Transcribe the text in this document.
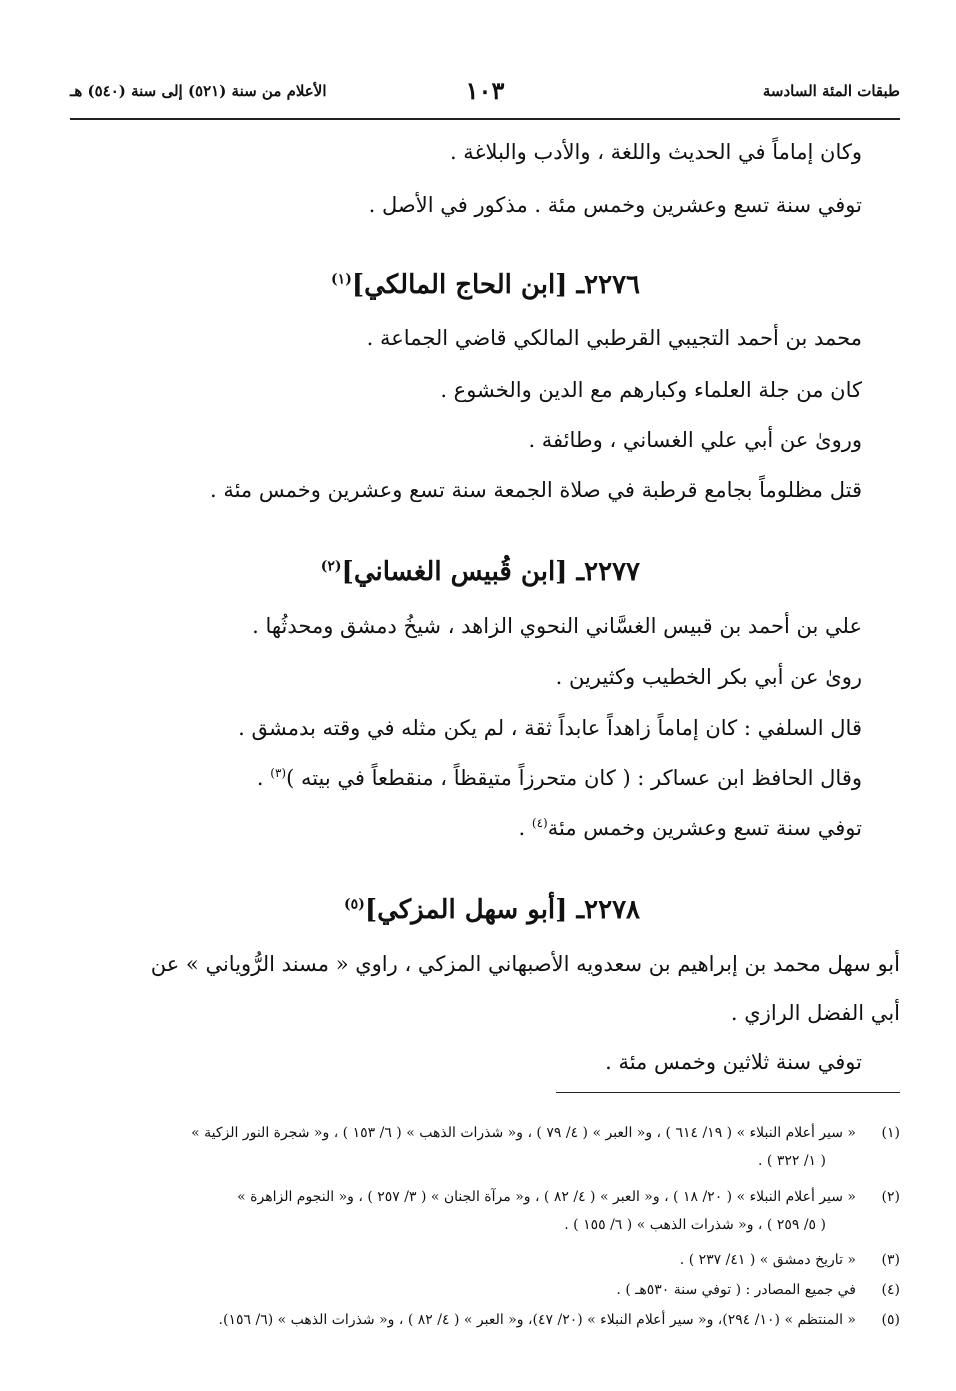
طبقات المئة السادسة
١٠٣
الأعلام من سنة (٥٢١) إلى سنة (٥٤٠) هـ
وكان إماماً في الحديث واللغة ، والأدب والبلاغة .
توفي سنة تسع وعشرين وخمس مئة . مذكور في الأصل .
٢٢٧٦ـ [ابن الحاج المالكي]$^{(١)}$
محمد بن أحمد التجيبي القرطبي المالكي قاضي الجماعة .
كان من جلة العلماء وكبارهم مع الدين والخشوع .
وروىٰ عن أبي علي الغساني ، وطائفة .
قتل مظلوماً بجامع قرطبة في صلاة الجمعة سنة تسع وعشرين وخمس مئة .
٢٢٧٧ـ [ابن قُبيس الغساني]$^{(٢)}$
علي بن أحمد بن قبيس الغسَّاني النحوي الزاهد ، شيخُ دمشق ومحدثُها .
روىٰ عن أبي بكر الخطيب وكثيرين .
قال السلفي : كان إماماً زاهداً عابداً ثقة ، لم يكن مثله في وقته بدمشق .
وقال الحافظ ابن عساكر : ( كان متحرزاً متيقظاً ، منقطعاً في بيته )$^{(٣)}$ .
توفي سنة تسع وعشرين وخمس مئة$^{(٤)}$ .
٢٢٧٨ـ [أبو سهل المزكي]$^{(٥)}$
أبو سهل محمد بن إبراهيم بن سعدويه الأصبهاني المزكي ، راوي « مسند الرُّوياني » عن
أبي الفضل الرازي .
توفي سنة ثلاثين وخمس مئة .
(١)« سير أعلام النبلاء » ( ١٩/ ٦١٤ ) ، و« العبر » ( ٤/ ٧٩ ) ، و« شذرات الذهب » ( ٦/ ١٥٣ ) ، و« شجرة النور الزكية »
( ١/ ٣٢٢ ) .
(٢)« سير أعلام النبلاء » ( ٢٠/ ١٨ ) ، و« العبر » ( ٤/ ٨٢ ) ، و« مرآة الجنان » ( ٣/ ٢٥٧ ) ، و« النجوم الزاهرة »
( ٥/ ٢٥٩ ) ، و« شذرات الذهب » ( ٦/ ١٥٥ ) .
(٣)« تاريخ دمشق » ( ٤١/ ٢٣٧ ) .
(٤)في جميع المصادر : ( توفي سنة ٥٣٠هـ ) .
(٥)« المنتظم » (١٠/ ٢٩٤)، و« سير أعلام النبلاء » (٢٠/ ٤٧)، و« العبر » ( ٤/ ٨٢ ) ، و« شذرات الذهب » (٦/ ١٥٦).
